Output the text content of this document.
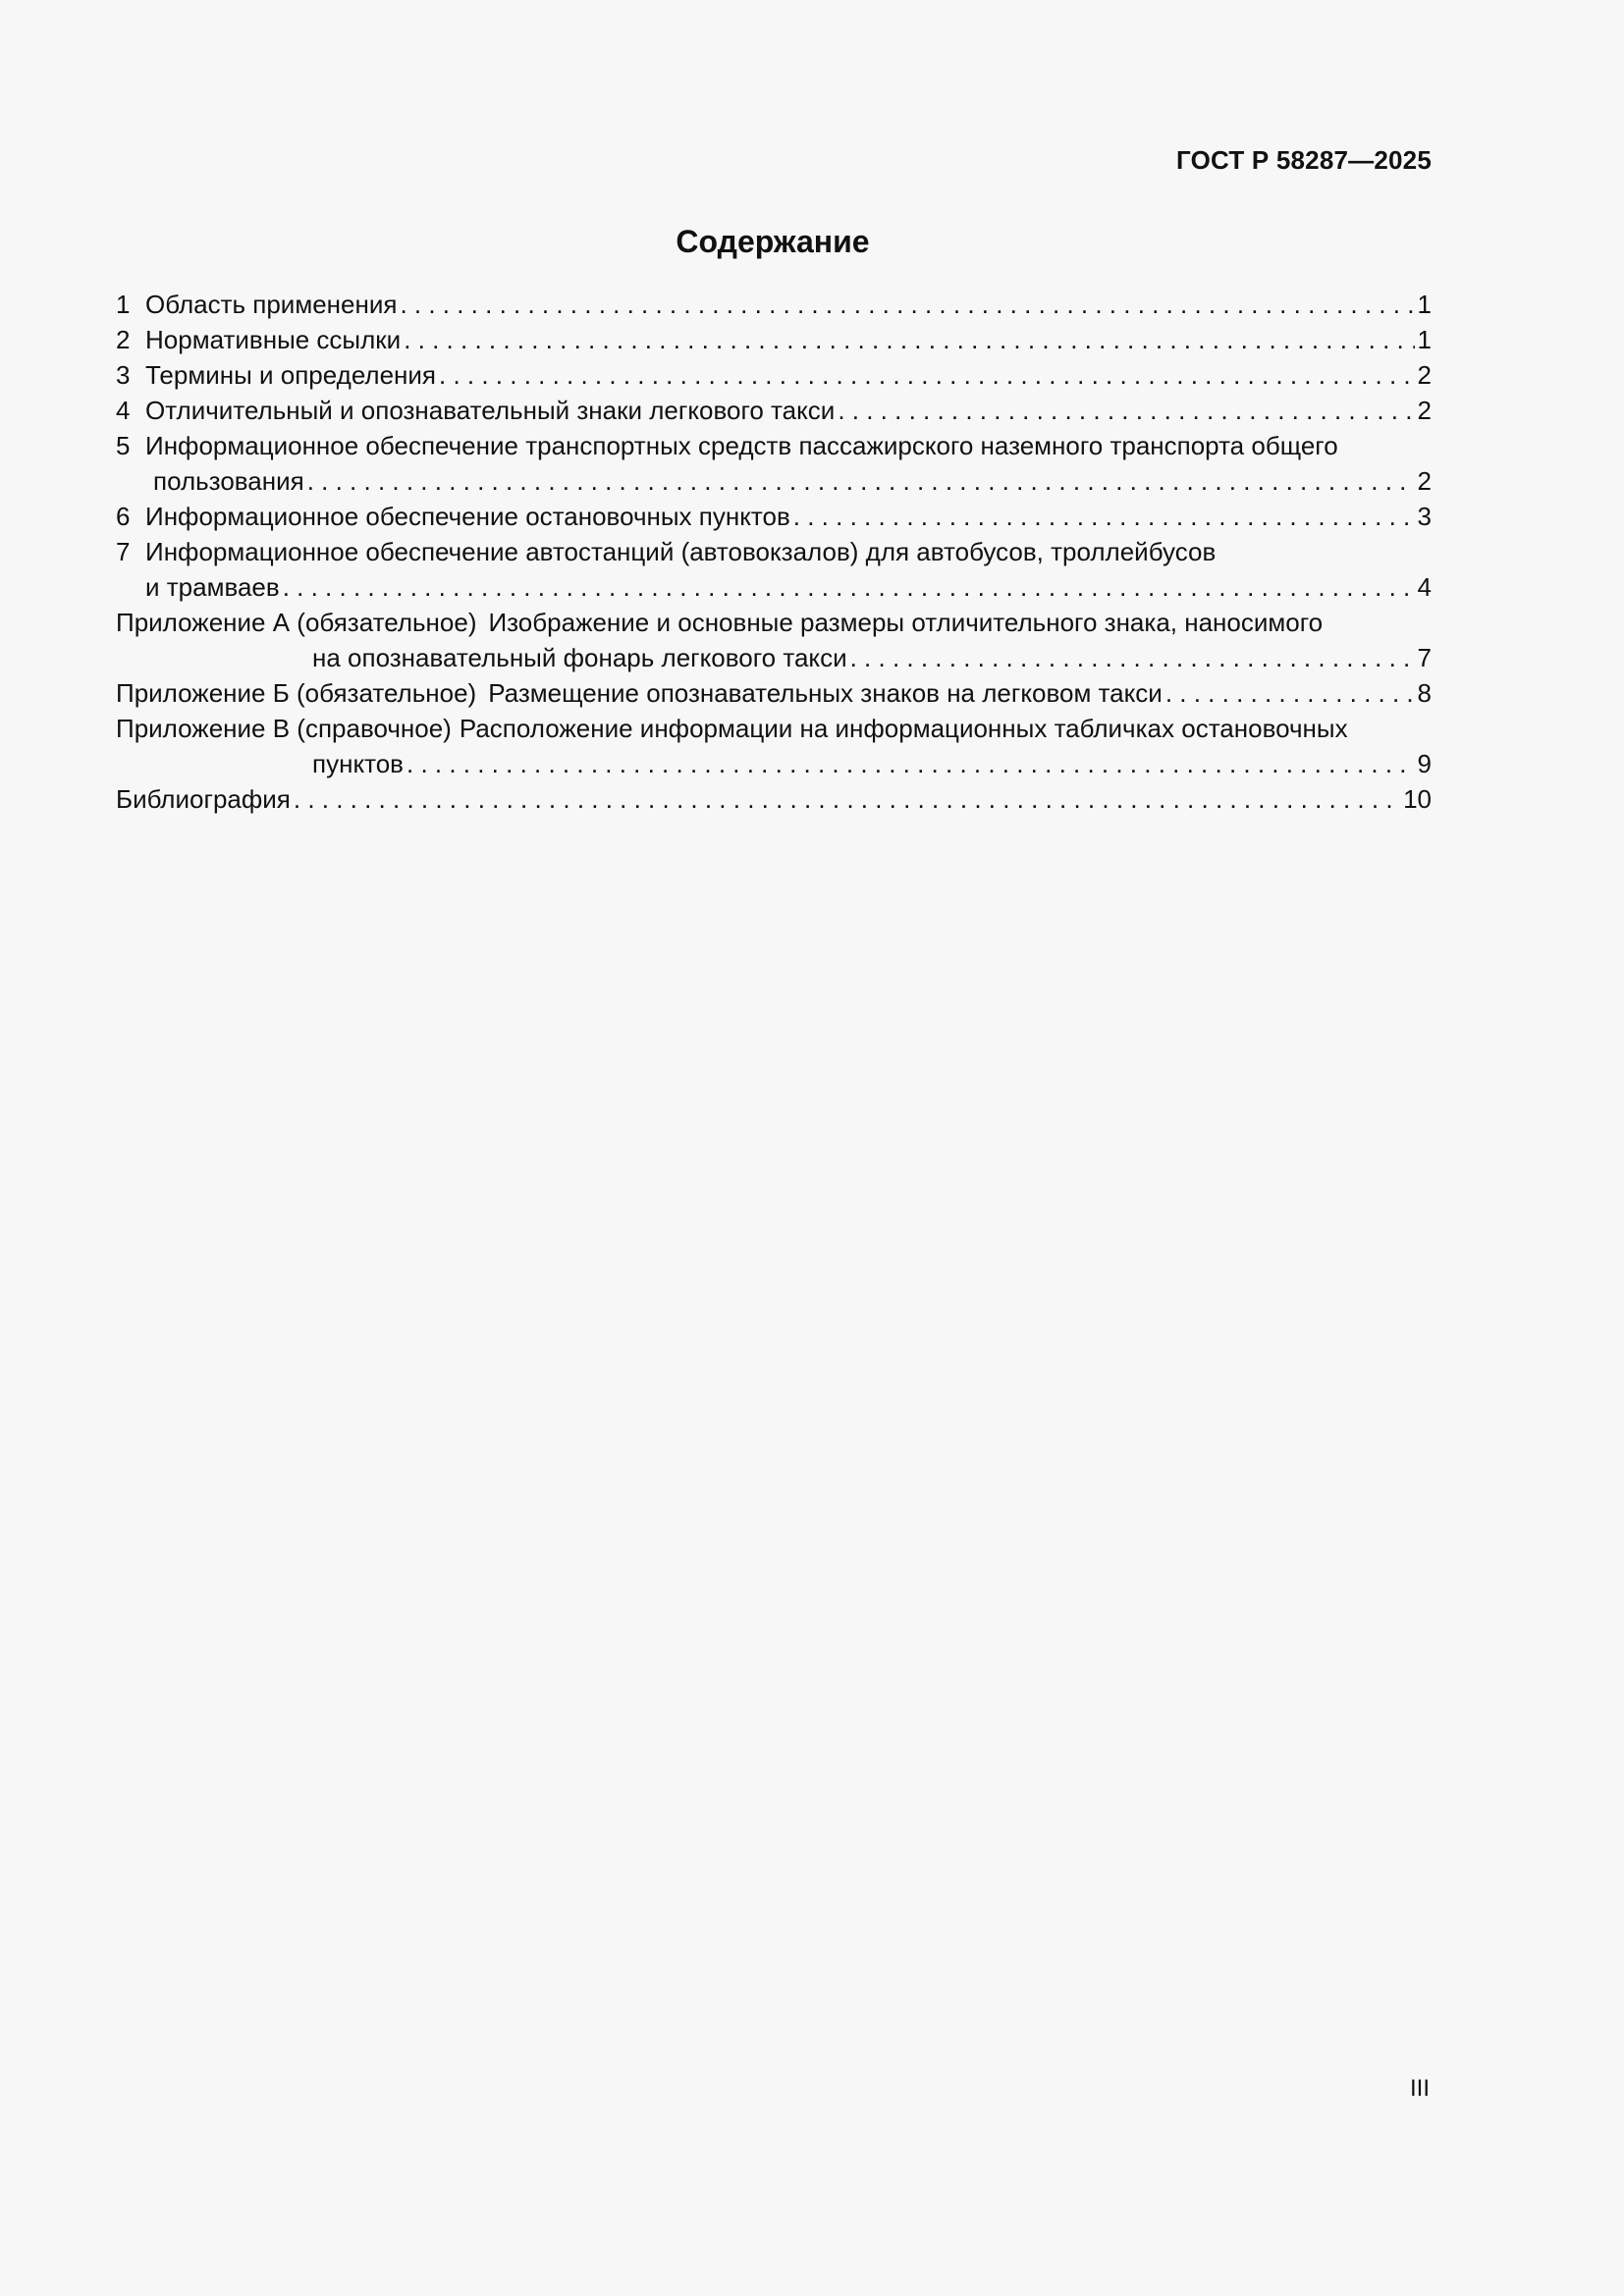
ГОСТ Р 58287—2025
Содержание
1 Область применения . . .	1
2 Нормативные ссылки . . .	1
3 Термины и определения . . .	2
4 Отличительный и опознавательный знаки легкового такси . . .	2
5 Информационное обеспечение транспортных средств пассажирского наземного транспорта общего
пользования . . .	2
6 Информационное обеспечение остановочных пунктов . . .	3
7 Информационное обеспечение автостанций (автовокзалов) для автобусов, троллейбусов
и трамваев . . .	4
Приложение А (обязательное) Изображение и основные размеры отличительного знака, наносимого
на опознавательный фонарь легкового такси . . .	7
Приложение Б (обязательное) Размещение опознавательных знаков на легковом такси . . .	8
Приложение В (справочное) Расположение информации на информационных табличках остановочных
пунктов . . .	9
Библиография . . .	10
III
